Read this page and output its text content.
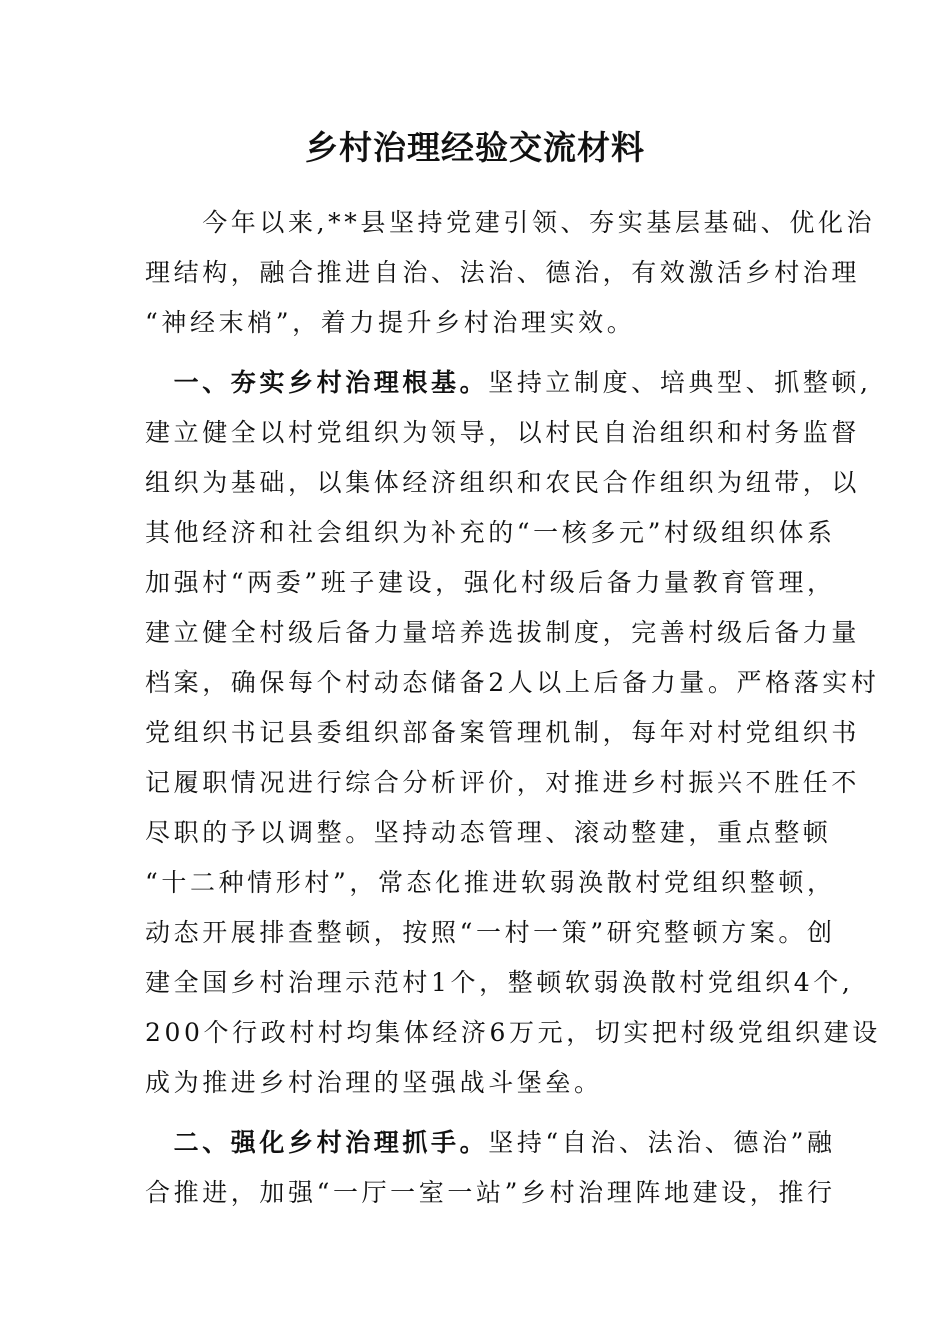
乡村治理经验交流材料

　　今年以来,**县坚持党建引领、夯实基层基础、优化治

理结构，融合推进自治、法治、德治，有效激活乡村治理

“神经末梢”，着力提升乡村治理实效。

　一、夯实乡村治理根基。坚持立制度、培典型、抓整顿,

建立健全以村党组织为领导，以村民自治组织和村务监督

组织为基础，以集体经济组织和农民合作组织为纽带，以

其他经济和社会组织为补充的“一核多元”村级组织体系

加强村“两委”班子建设，强化村级后备力量教育管理，

建立健全村级后备力量培养选拔制度，完善村级后备力量

档案，确保每个村动态储备2人以上后备力量。严格落实村

党组织书记县委组织部备案管理机制，每年对村党组织书

记履职情况进行综合分析评价，对推进乡村振兴不胜任不

尽职的予以调整。坚持动态管理、滚动整建，重点整顿

“十二种情形村”，常态化推进软弱涣散村党组织整顿，

动态开展排查整顿，按照“一村一策”研究整顿方案。创

建全国乡村治理示范村1个，整顿软弱涣散村党组织4个,

200个行政村村均集体经济6万元，切实把村级党组织建设

成为推进乡村治理的坚强战斗堡垒。

　二、强化乡村治理抓手。坚持“自治、法治、德治”融

合推进，加强“一厅一室一站”乡村治理阵地建设，推行
